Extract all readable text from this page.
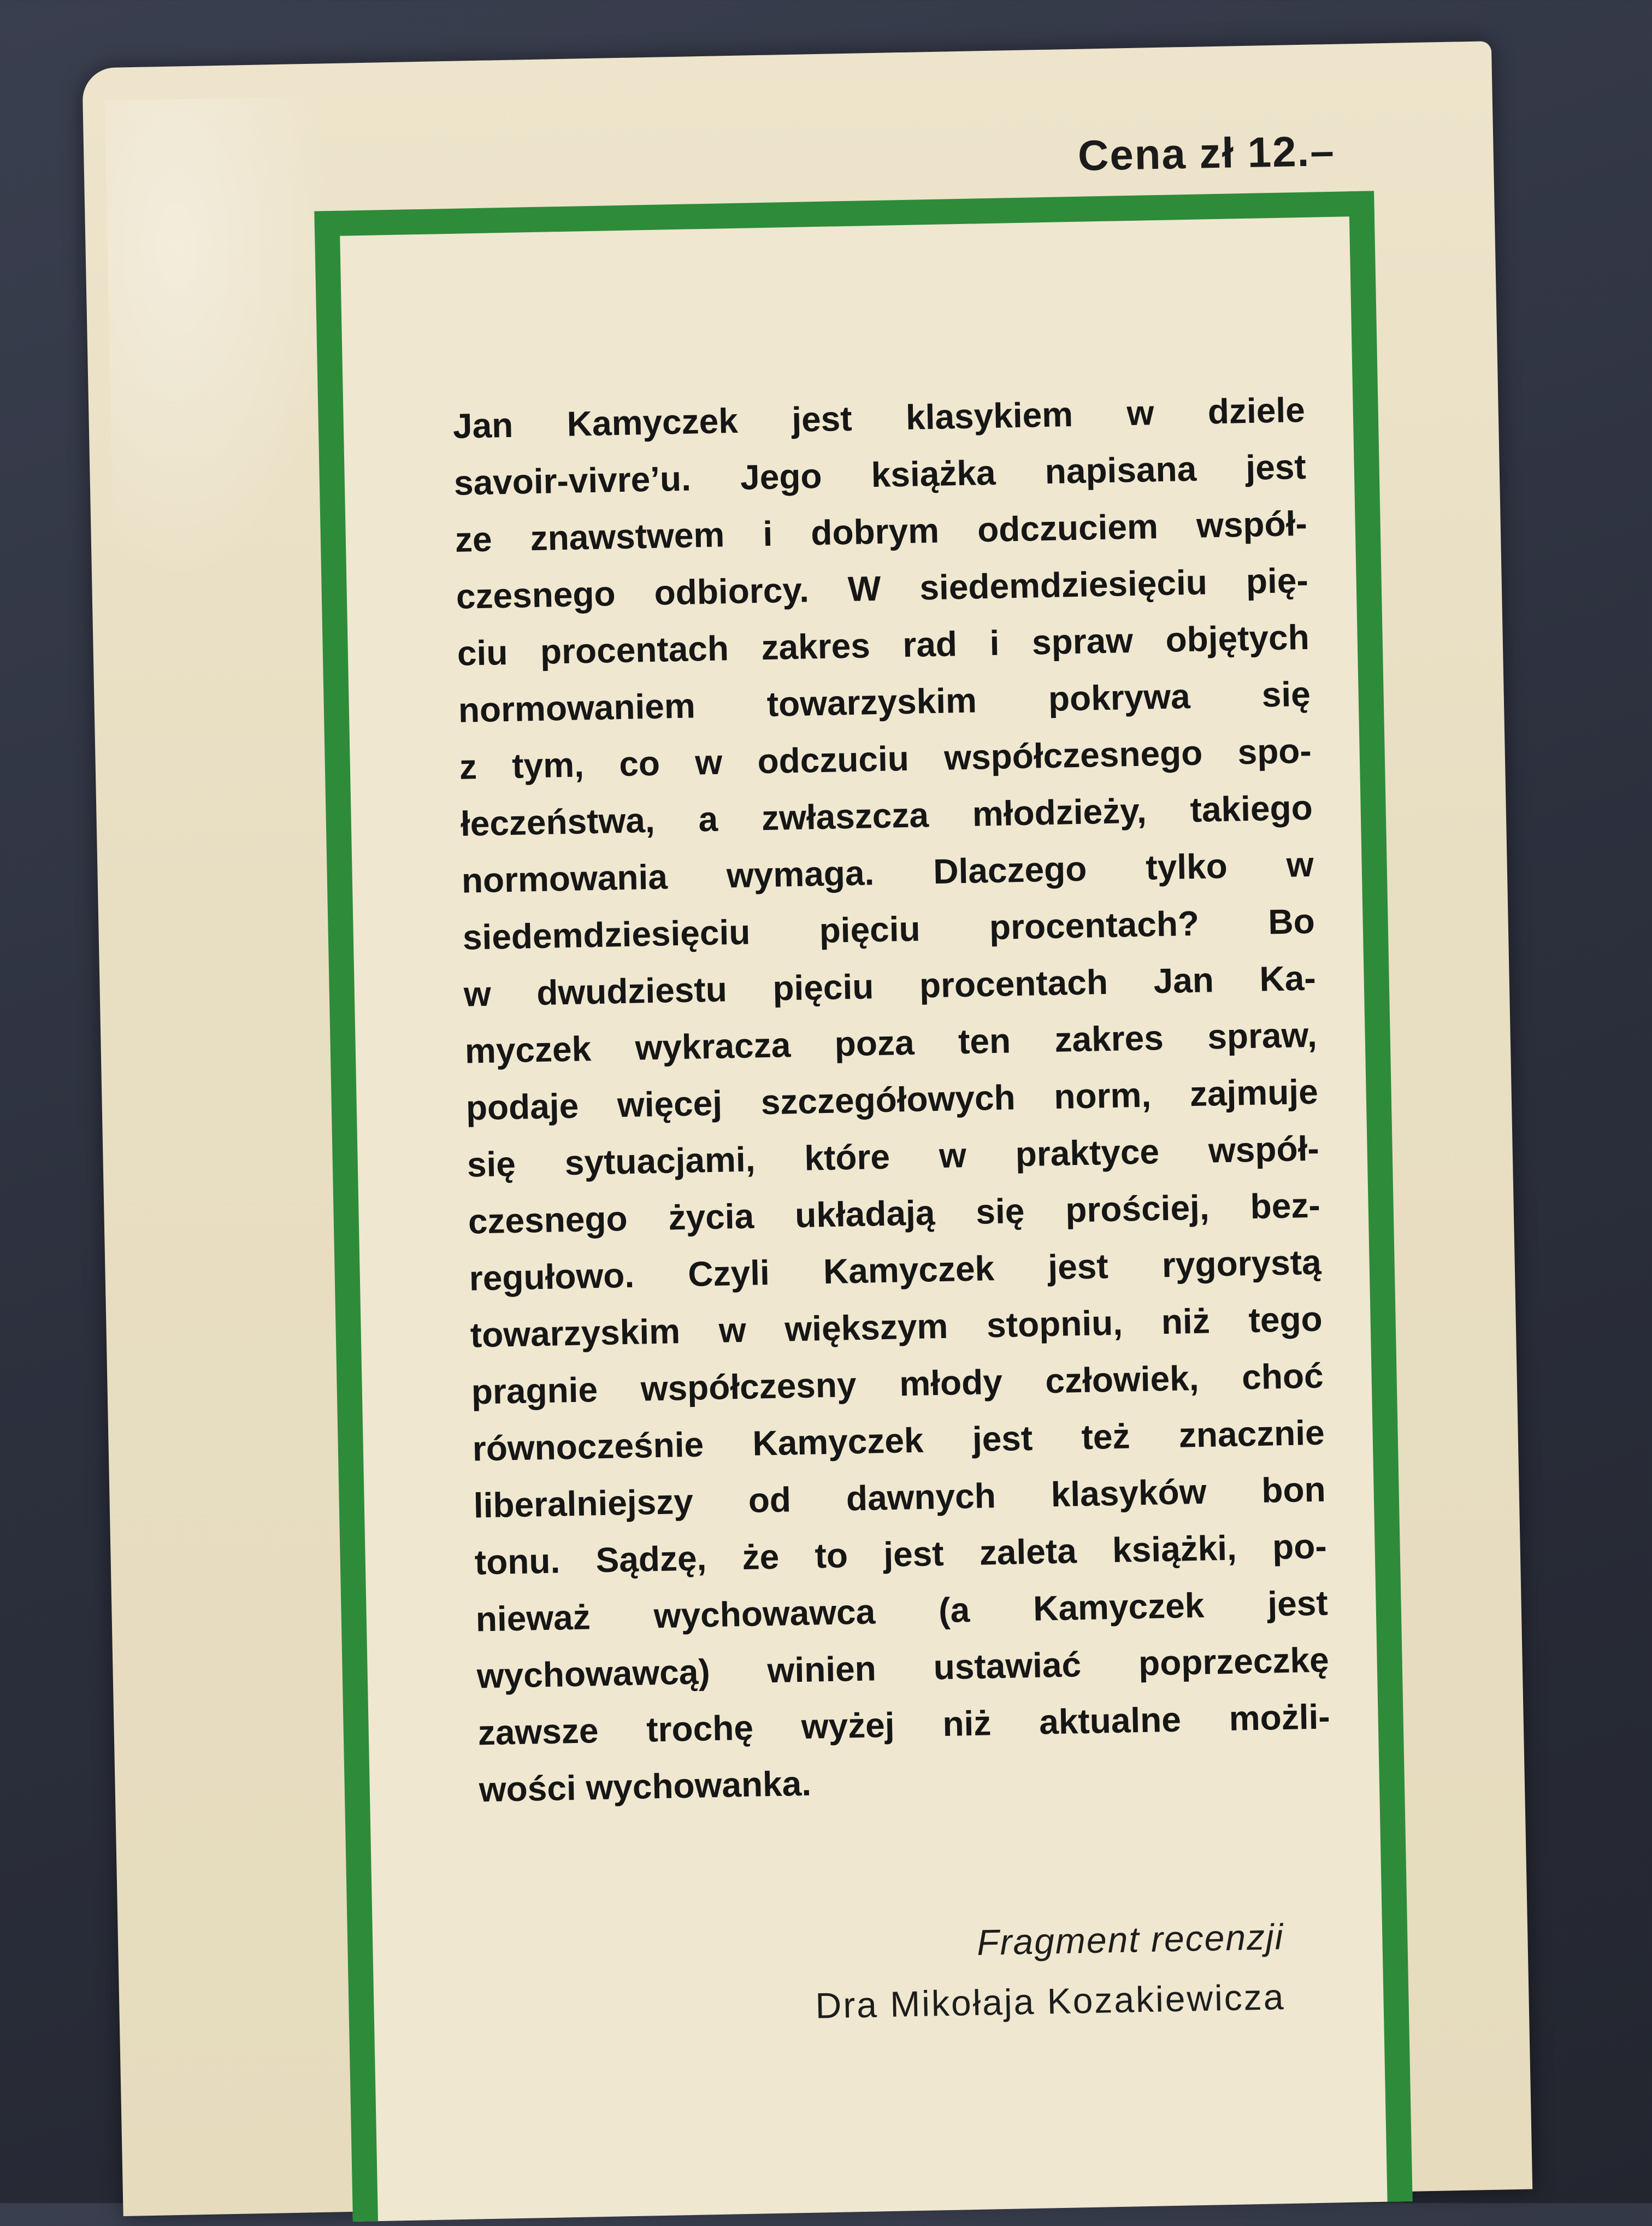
Cena zł 12.–
Jan Kamyczek jest klasykiem w dziele
savoir-vivre’u. Jego książka napisana jest
ze znawstwem i dobrym odczuciem współ-
czesnego odbiorcy. W siedemdziesięciu pię-
ciu procentach zakres rad i spraw objętych
normowaniem towarzyskim pokrywa się
z tym, co w odczuciu współczesnego spo-
łeczeństwa, a zwłaszcza młodzieży, takiego
normowania wymaga. Dlaczego tylko w
siedemdziesięciu pięciu procentach? Bo
w dwudziestu pięciu procentach Jan Ka-
myczek wykracza poza ten zakres spraw,
podaje więcej szczegółowych norm, zajmuje
się sytuacjami, które w praktyce współ-
czesnego życia układają się prościej, bez-
regułowo. Czyli Kamyczek jest rygorystą
towarzyskim w większym stopniu, niż tego
pragnie współczesny młody człowiek, choć
równocześnie Kamyczek jest też znacznie
liberalniejszy od dawnych klasyków bon
tonu. Sądzę, że to jest zaleta książki, po-
nieważ wychowawca (a Kamyczek jest
wychowawcą) winien ustawiać poprzeczkę
zawsze trochę wyżej niż aktualne możli-
wości wychowanka.
Fragment recenzji
Dra Mikołaja Kozakiewicza
